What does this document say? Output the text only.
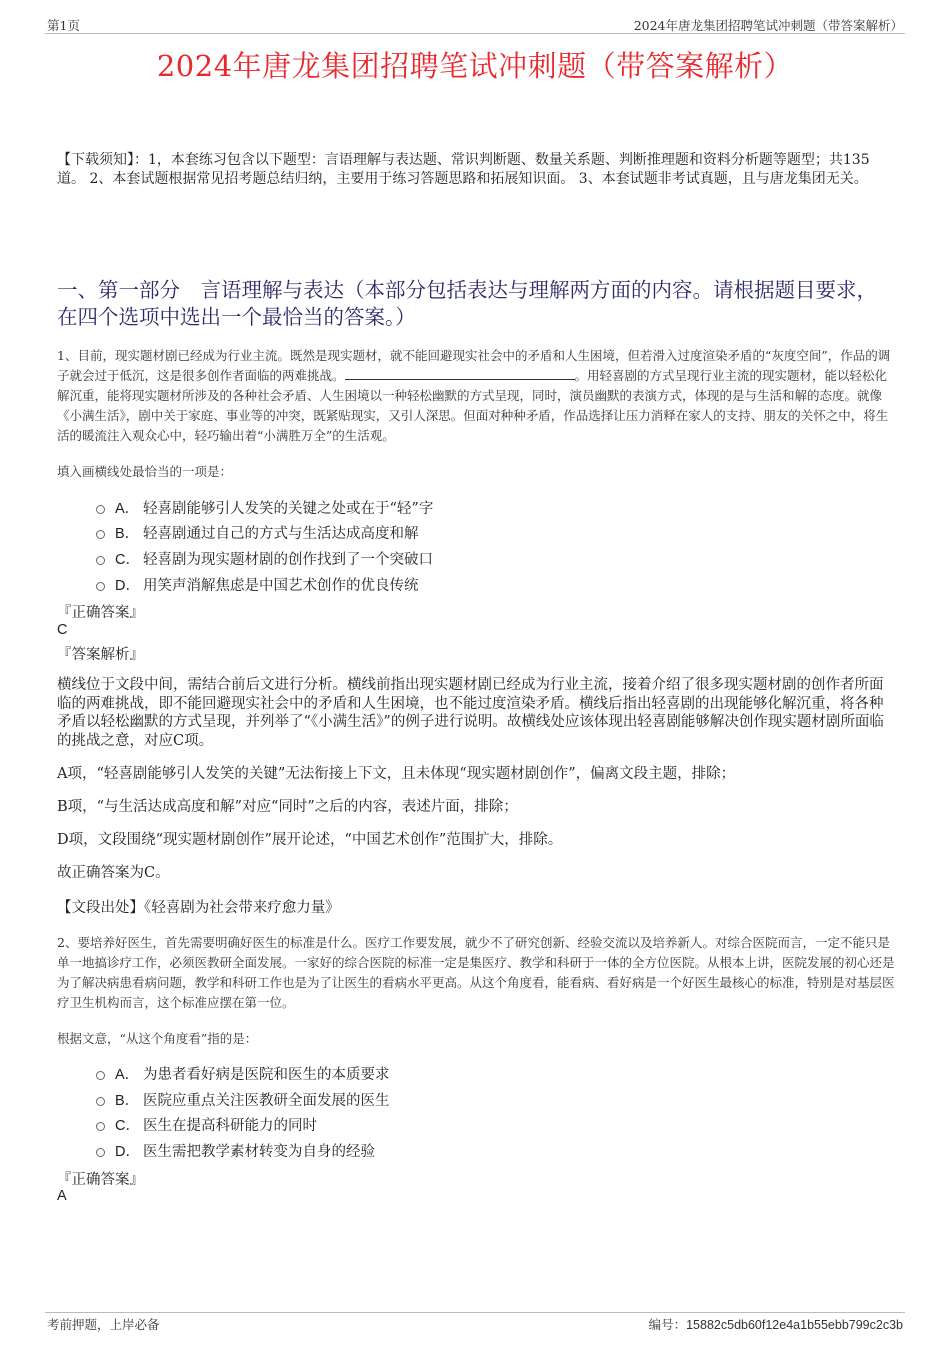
第1页	2024年唐龙集团招聘笔试冲刺题（带答案解析）
2024年唐龙集团招聘笔试冲刺题（带答案解析）
【下载须知】：1，本套练习包含以下题型：言语理解与表达题、常识判断题、数量关系题、判断推理题和资料分析题等题型；共135道。 2、本套试题根据常见招考题总结归纳，主要用于练习答题思路和拓展知识面。 3、本套试题非考试真题，且与唐龙集团无关。
一、第一部分　言语理解与表达（本部分包括表达与理解两方面的内容。请根据题目要求，在四个选项中选出一个最恰当的答案。）
1、目前，现实题材剧已经成为行业主流。既然是现实题材，就不能回避现实社会中的矛盾和人生困境，但若滑入过度渲染矛盾的“灰度空间”，作品的调子就会过于低沉，这是很多创作者面临的两难挑战。	。用轻喜剧的方式呈现行业主流的现实题材，能以轻松化解沉重，能将现实题材所涉及的各种社会矛盾、人生困境以一种轻松幽默的方式呈现，同时，演员幽默的表演方式，体现的是与生活和解的态度。就像《小满生活》，剧中关于家庭、事业等的冲突，既紧贴现实，又引人深思。但面对种种矛盾，作品选择让压力消释在家人的支持、朋友的关怀之中，将生活的暖流注入观众心中，轻巧输出着“小满胜万全”的生活观。
填入画横线处最恰当的一项是：
A． 轻喜剧能够引人发笑的关键之处或在于“轻”字
B． 轻喜剧通过自己的方式与生活达成高度和解
C． 轻喜剧为现实题材剧的创作找到了一个突破口
D． 用笑声消解焦虑是中国艺术创作的优良传统
『正确答案』
C
『答案解析』
横线位于文段中间，需结合前后文进行分析。横线前指出现实题材剧已经成为行业主流，接着介绍了很多现实题材剧的创作者所面临的两难挑战，即不能回避现实社会中的矛盾和人生困境，也不能过度渲染矛盾。横线后指出轻喜剧的出现能够化解沉重，将各种矛盾以轻松幽默的方式呈现，并列举了“《小满生活》”的例子进行说明。故横线处应该体现出轻喜剧能够解决创作现实题材剧所面临的挑战之意，对应C项。
A项，“轻喜剧能够引人发笑的关键”无法衔接上下文，且未体现“现实题材剧创作”，偏离文段主题，排除；
B项，“与生活达成高度和解”对应“同时”之后的内容，表述片面，排除；
D项，文段围绕“现实题材剧创作”展开论述，“中国艺术创作”范围扩大，排除。
故正确答案为C。
【文段出处】《轻喜剧为社会带来疗愈力量》
2、要培养好医生，首先需要明确好医生的标准是什么。医疗工作要发展，就少不了研究创新、经验交流以及培养新人。对综合医院而言，一定不能只是单一地搞诊疗工作，必须医教研全面发展。一家好的综合医院的标准一定是集医疗、教学和科研于一体的全方位医院。从根本上讲，医院发展的初心还是为了解决病患看病问题，教学和科研工作也是为了让医生的看病水平更高。从这个角度看，能看病、看好病是一个好医生最核心的标准，特别是对基层医疗卫生机构而言，这个标准应摆在第一位。
根据文意，“从这个角度看”指的是：
A． 为患者看好病是医院和医生的本质要求
B． 医院应重点关注医教研全面发展的医生
C． 医生在提高科研能力的同时
D． 医生需把教学素材转变为自身的经验
『正确答案』
A
考前押题，上岸必备	编号：15882c5db60f12e4a1b55ebb799c2c3b
